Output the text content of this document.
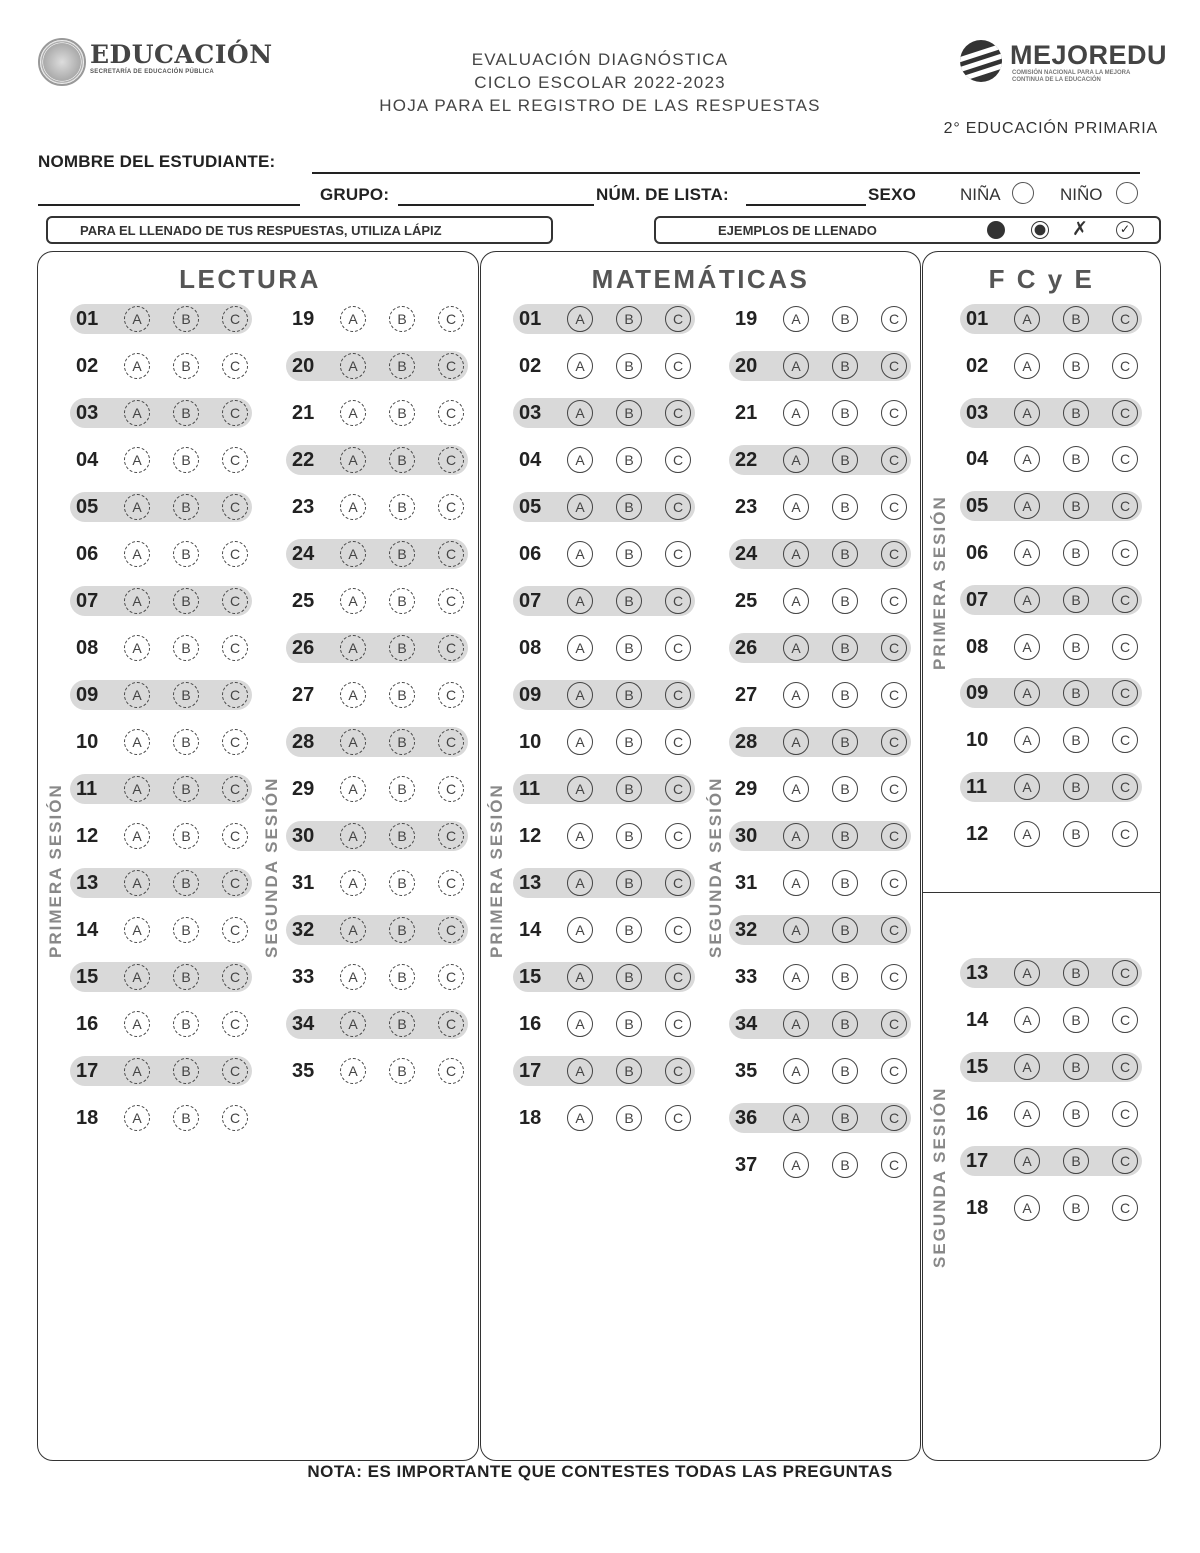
EDUCACIÓN
SECRETARÍA DE EDUCACIÓN PÚBLICA
EVALUACIÓN DIAGNÓSTICA
CICLO ESCOLAR 2022-2023
HOJA PARA EL REGISTRO DE LAS RESPUESTAS
MEJOREDU
COMISIÓN NACIONAL PARA LA MEJORA CONTINUA DE LA EDUCACIÓN
2° EDUCACIÓN PRIMARIA
NOMBRE DEL ESTUDIANTE:
GRUPO:	NÚM. DE LISTA:	SEXO	NIÑA	NIÑO
PARA EL LLENADO DE TUS RESPUESTAS, UTILIZA LÁPIZ	EJEMPLOS DE LLENADO	✗	✓
LECTURA	MATEMÁTICAS	F C y E
PRIMERA SESIÓN	SEGUNDA SESIÓN	PRIMERA SESIÓN	SEGUNDA SESIÓN
PRIMERA SESIÓN
SEGUNDA SESIÓN
01	A	B	C
02	A	B	C
03	A	B	C
04	A	B	C
05	A	B	C
06	A	B	C
07	A	B	C
08	A	B	C
09	A	B	C
10	A	B	C
11	A	B	C
12	A	B	C
13	A	B	C
14	A	B	C
15	A	B	C
16	A	B	C
17	A	B	C
18	A	B	C
19	A	B	C
20	A	B	C
21	A	B	C
22	A	B	C
23	A	B	C
24	A	B	C
25	A	B	C
26	A	B	C
27	A	B	C
28	A	B	C
29	A	B	C
30	A	B	C
31	A	B	C
32	A	B	C
33	A	B	C
34	A	B	C
35	A	B	C
01	A	B	C
02	A	B	C
03	A	B	C
04	A	B	C
05	A	B	C
06	A	B	C
07	A	B	C
08	A	B	C
09	A	B	C
10	A	B	C
11	A	B	C
12	A	B	C
13	A	B	C
14	A	B	C
15	A	B	C
16	A	B	C
17	A	B	C
18	A	B	C
19	A	B	C
20	A	B	C
21	A	B	C
22	A	B	C
23	A	B	C
24	A	B	C
25	A	B	C
26	A	B	C
27	A	B	C
28	A	B	C
29	A	B	C
30	A	B	C
31	A	B	C
32	A	B	C
33	A	B	C
34	A	B	C
35	A	B	C
36	A	B	C
37	A	B	C
01	A	B	C
02	A	B	C
03	A	B	C
04	A	B	C
05	A	B	C
06	A	B	C
07	A	B	C
08	A	B	C
09	A	B	C
10	A	B	C
11	A	B	C
12	A	B	C
13	A	B	C
14	A	B	C
15	A	B	C
16	A	B	C
17	A	B	C
18	A	B	C
NOTA: ES IMPORTANTE QUE CONTESTES TODAS LAS PREGUNTAS
